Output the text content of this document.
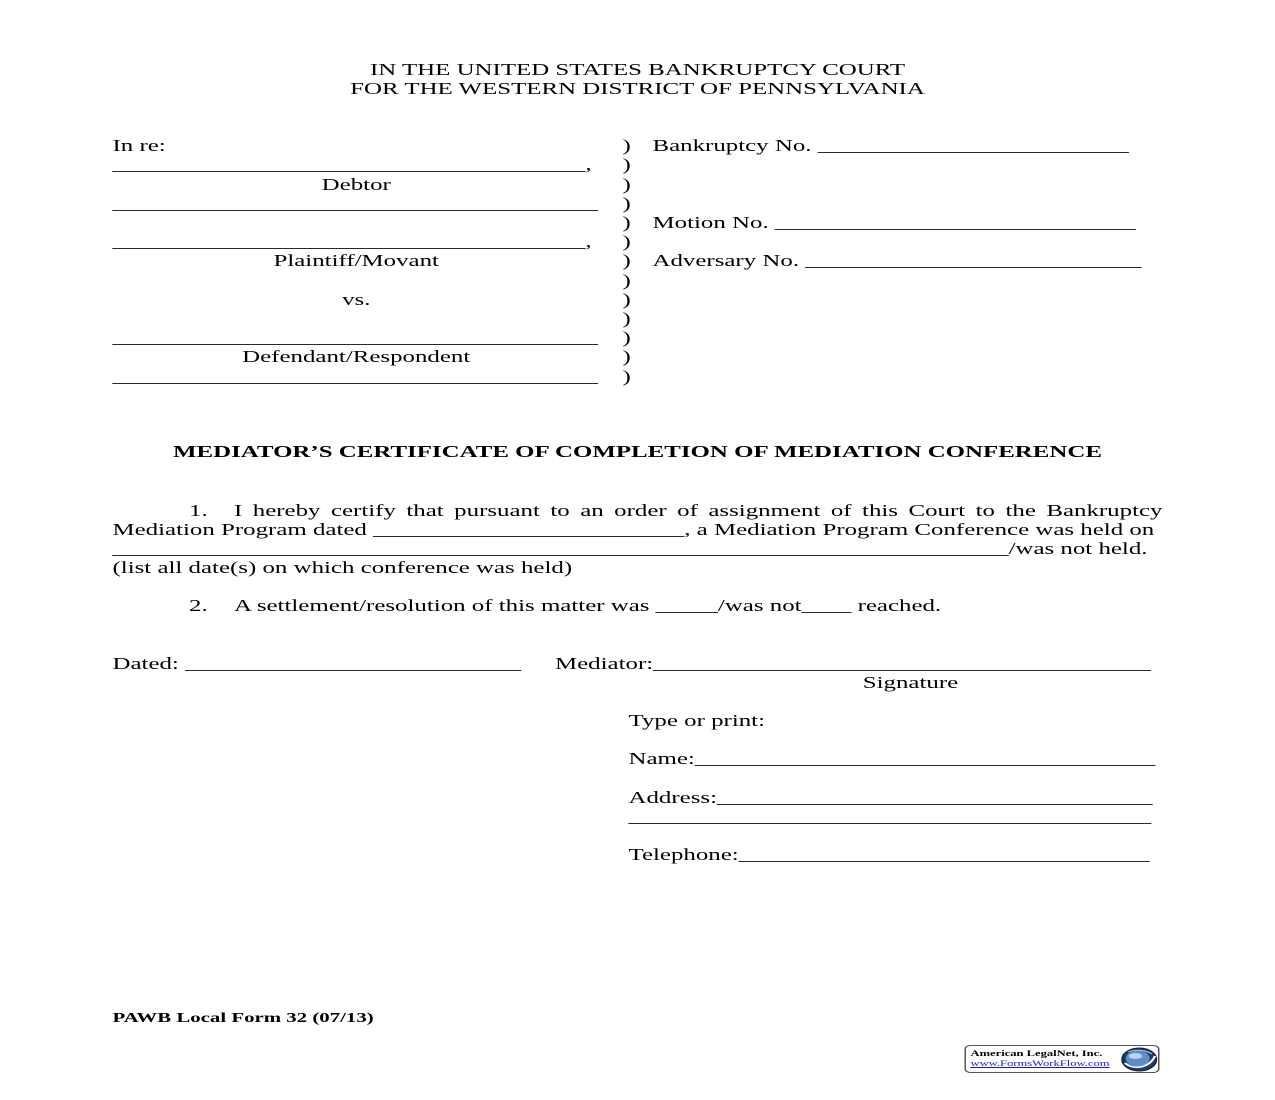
IN THE UNITED STATES BANKRUPTCY COURT
FOR THE WESTERN DISTRICT OF PENNSYLVANIA
In re:
______________________________________,
Debtor
_______________________________________
______________________________________,
Plaintiff/Movant
vs.
_______________________________________
Defendant/Respondent
_______________________________________
)
)
)
)
)
)
)
)
)
)
)
)
)
Bankruptcy No. _________________________
Motion No. _____________________________
Adversary No. ___________________________
MEDIATOR’S CERTIFICATE OF COMPLETION OF MEDIATION CONFERENCE
1. I hereby certify that pursuant to an order of assignment of this Court to the Bankruptcy
Mediation Program dated _________________________, a Mediation Program Conference was held on
________________________________________________________________________/was not held.
(list all date(s) on which conference was held)
2. A settlement/resolution of this matter was _____/was not____ reached.
Dated: ___________________________ Mediator:________________________________________
Signature
Type or print:
Name:_____________________________________
Address:___________________________________
__________________________________________
Telephone:_________________________________
PAWB Local Form 32 (07/13)
American LegalNet, Inc.
www.FormsWorkFlow.com
